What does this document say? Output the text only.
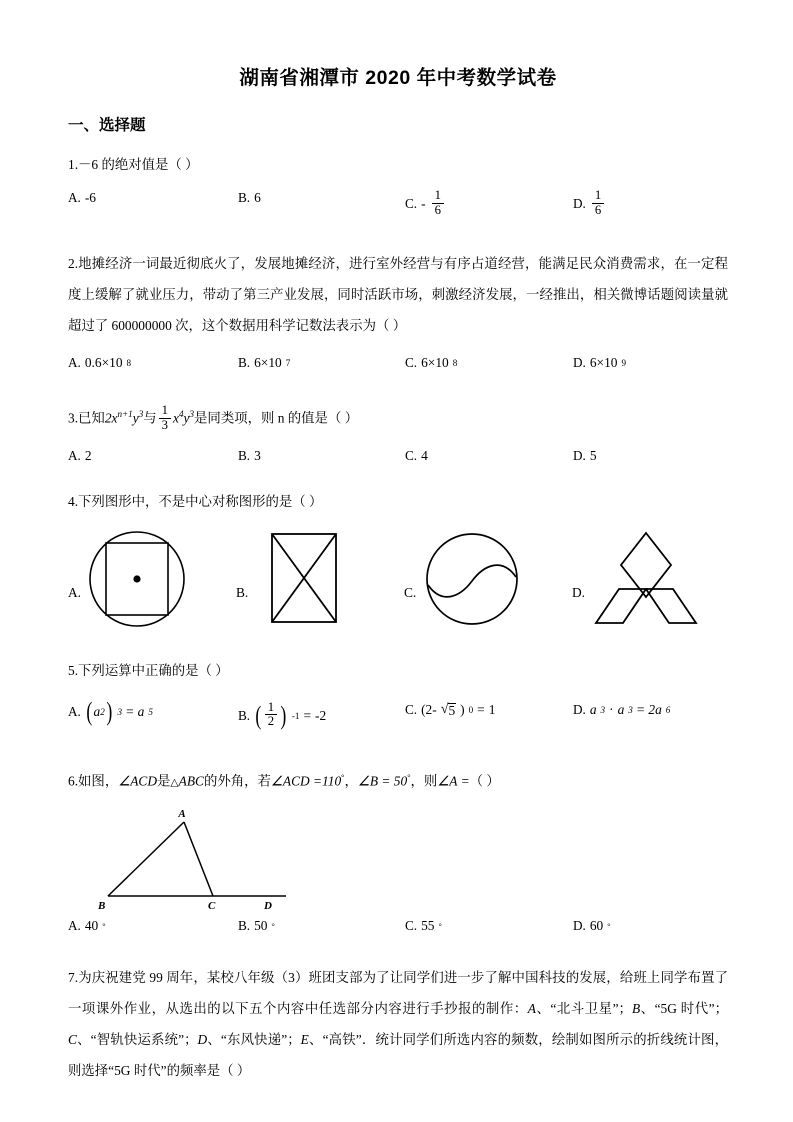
湖南省湘潭市 2020 年中考数学试卷
一、选择题
1.－6 的绝对值是（ ）
A. -6	B. 6	C. - $\frac{1}{6}$	D. $\frac{1}{6}$
2.地摊经济一词最近彻底火了，发展地摊经济，进行室外经营与有序占道经营，能满足民众消费需求，在一定程度上缓解了就业压力，带动了第三产业发展，同时活跃市场，刺激经济发展，一经推出，相关微博话题阅读量就超过了 600000000 次，这个数据用科学记数法表示为（ ）
A. 0.6×10 8	B. 6×10 7	C. 6×10 8	D. 6×10 9
3.已知$2x^{n+1}y^3$与 $\frac{1}{3} x^4y^3$是同类项，则 n 的值是（ ）
A. 2	B. 3	C. 4	D. 5
4.下列图形中，不是中心对称图形的是（ ）
A.	B.	C.	D.
5.下列运算中正确的是（ ）
A. ( a 2 ) 3 = a 5	B. ( $\frac{1}{2}$ ) -1 = -2	C. (2- √ 5 ) 0 = 1	D. a 3 · a 3 = 2a 6
6.如图，∠ACD是△ABC的外角，若∠ACD =110°，∠B = 50°，则∠A =（ ）
A
B	C	D
A. 40 °	B. 50 °	C. 55 °	D. 60 °
7.为庆祝建党 99 周年，某校八年级（3）班团支部为了让同学们进一步了解中国科技的发展，给班上同学布置了一项课外作业，从选出的以下五个内容中任选部分内容进行手抄报的制作：A、“北斗卫星”；B、“5G 时代”；C、“智轨快运系统”；D、“东风快递”；E、“高铁”．统计同学们所选内容的频数，绘制如图所示的折线统计图，则选择“5G 时代”的频率是（ ）
